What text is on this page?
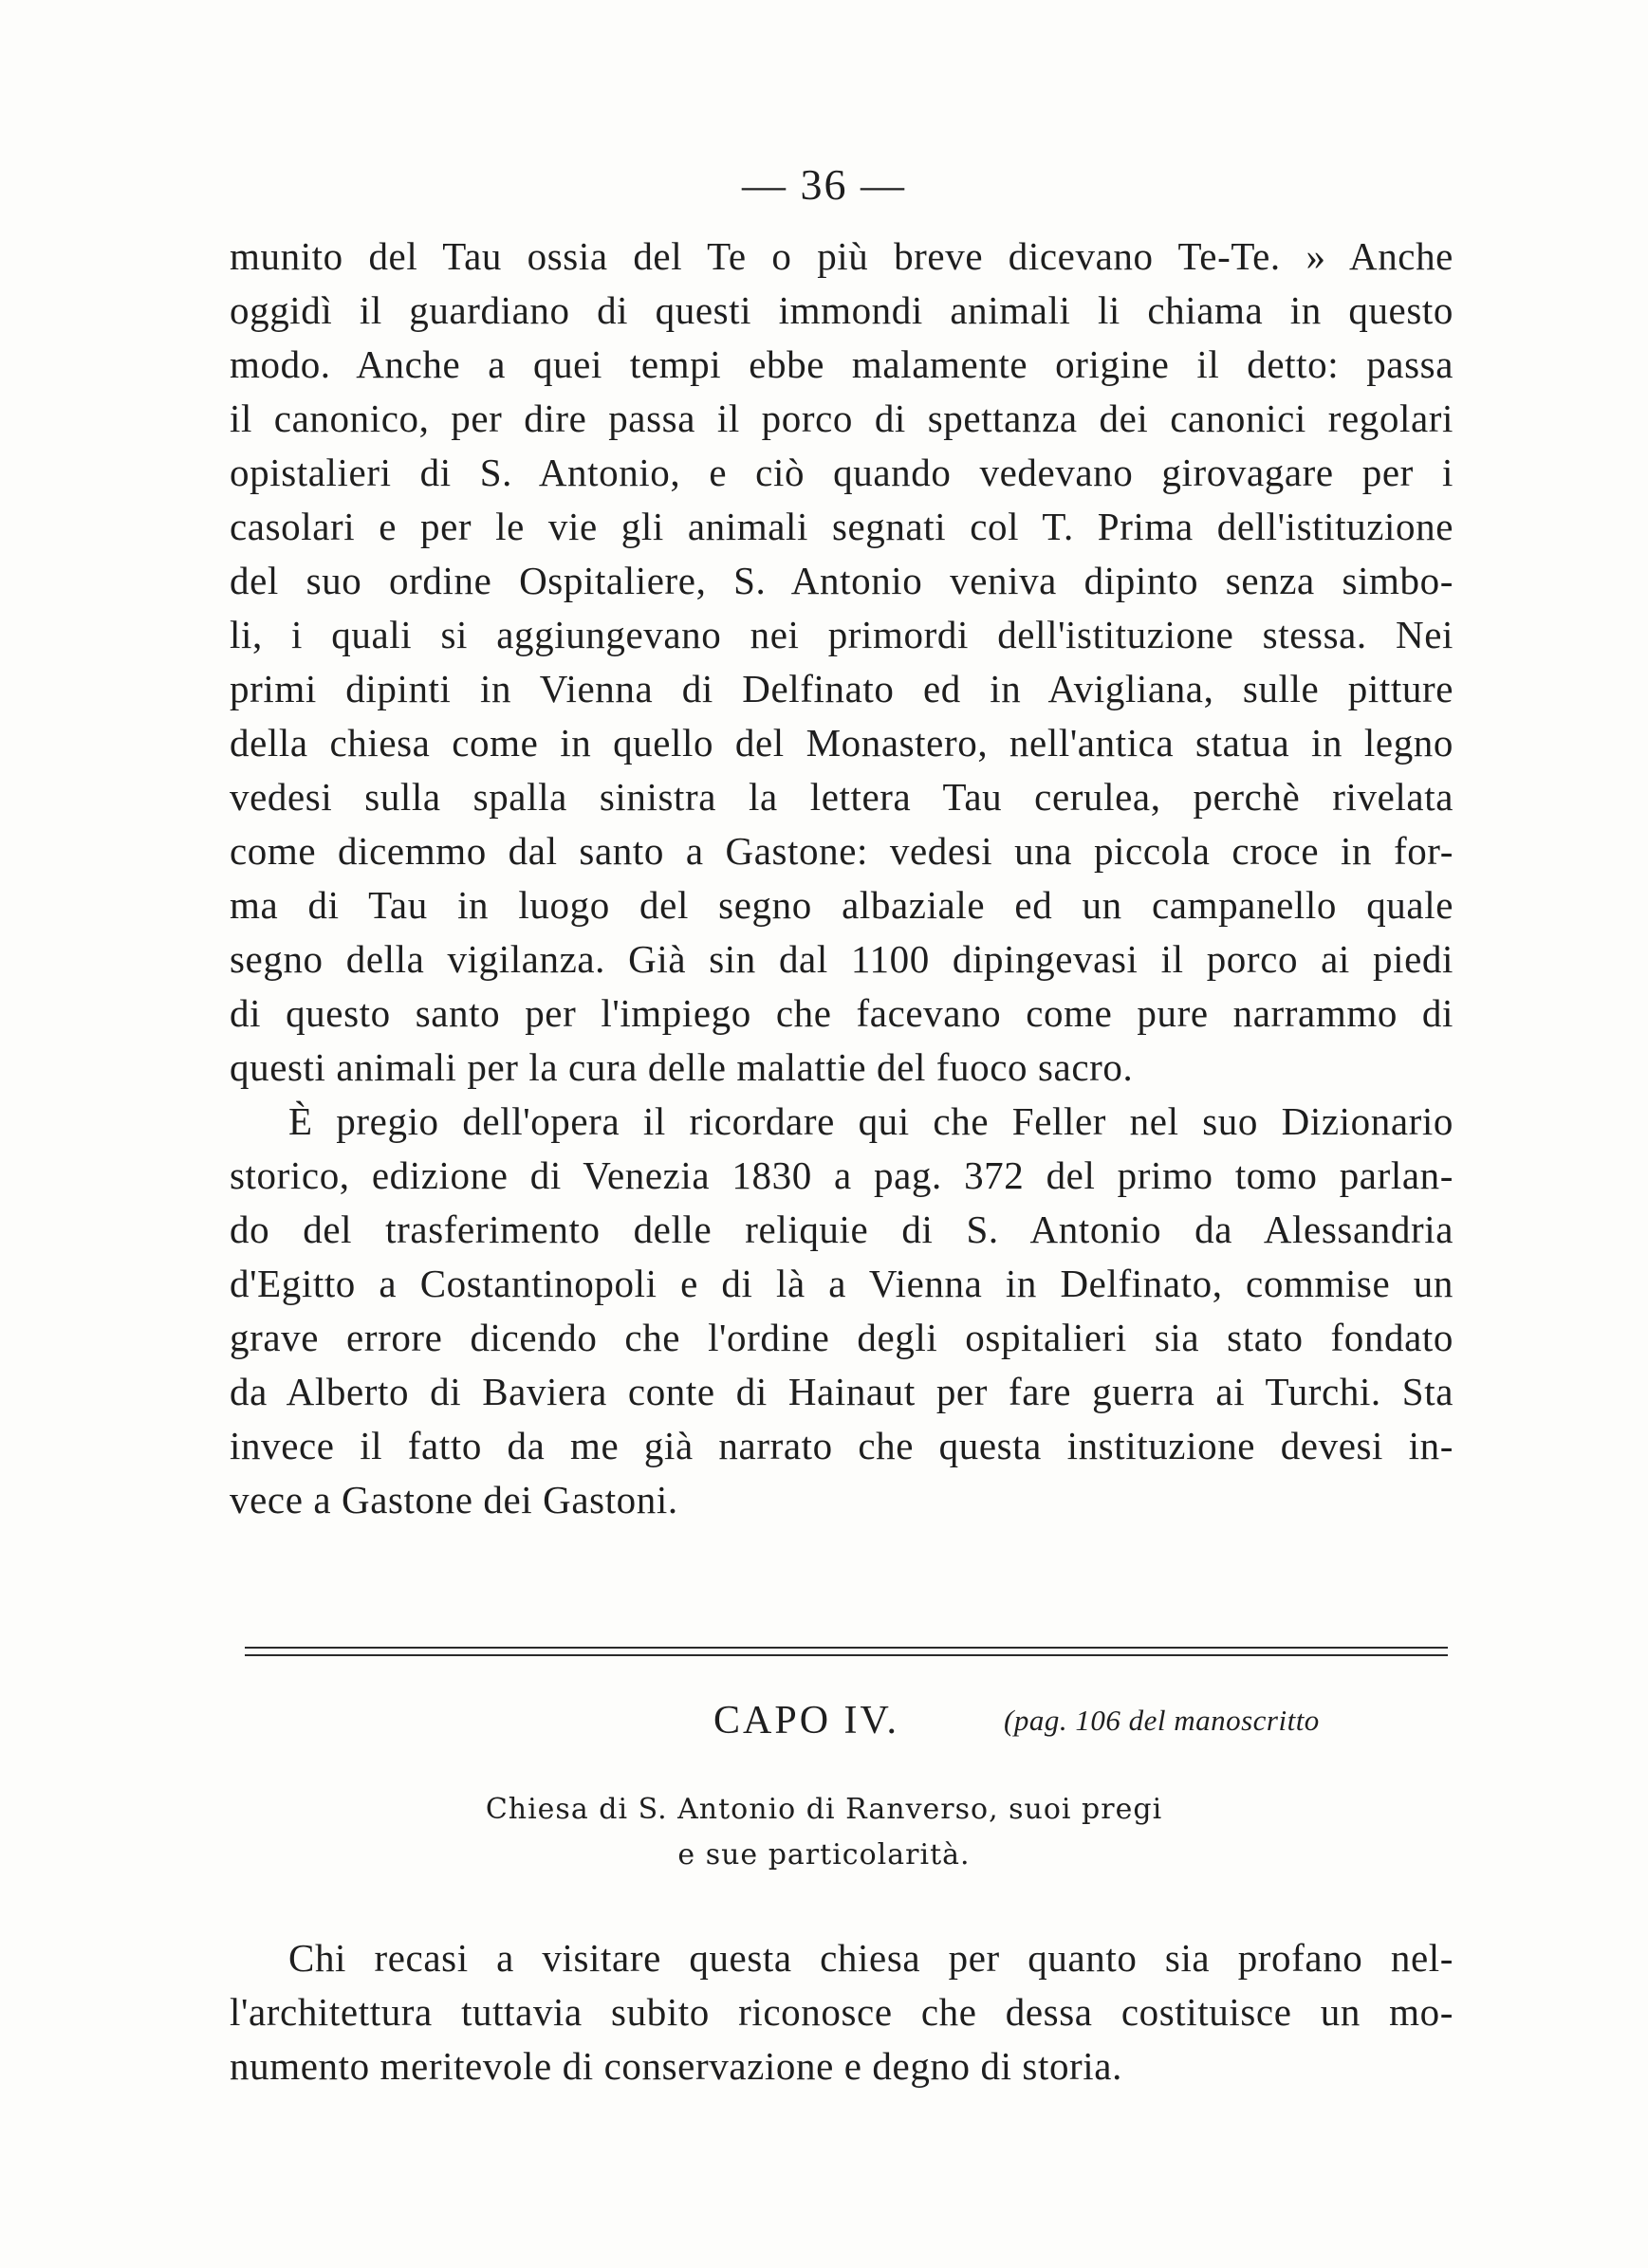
— 36 —
munito del Tau ossia del Te o più breve dicevano Te-Te. » Anche
oggidì il guardiano di questi immondi animali li chiama in questo
modo. Anche a quei tempi ebbe malamente origine il detto: passa
il canonico, per dire passa il porco di spettanza dei canonici regolari
opistalieri di S. Antonio, e ciò quando vedevano girovagare per i
casolari e per le vie gli animali segnati col T. Prima dell'istituzione
del suo ordine Ospitaliere, S. Antonio veniva dipinto senza simbo-
li, i quali si aggiungevano nei primordi dell'istituzione stessa. Nei
primi dipinti in Vienna di Delfinato ed in Avigliana, sulle pitture
della chiesa come in quello del Monastero, nell'antica statua in legno
vedesi sulla spalla sinistra la lettera Tau cerulea, perchè rivelata
come dicemmo dal santo a Gastone: vedesi una piccola croce in for-
ma di Tau in luogo del segno albaziale ed un campanello quale
segno della vigilanza. Già sin dal 1100 dipingevasi il porco ai piedi
di questo santo per l'impiego che facevano come pure narrammo di
questi animali per la cura delle malattie del fuoco sacro.
È pregio dell'opera il ricordare qui che Feller nel suo Dizionario
storico, edizione di Venezia 1830 a pag. 372 del primo tomo parlan-
do del trasferimento delle reliquie di S. Antonio da Alessandria
d'Egitto a Costantinopoli e di là a Vienna in Delfinato, commise un
grave errore dicendo che l'ordine degli ospitalieri sia stato fondato
da Alberto di Baviera conte di Hainaut per fare guerra ai Turchi. Sta
invece il fatto da me già narrato che questa instituzione devesi in-
vece a Gastone dei Gastoni.
CAPO IV.	(pag. 106 del manoscritto
Chiesa di S. Antonio di Ranverso, suoi pregi
e sue particolarità.
Chi recasi a visitare questa chiesa per quanto sia profano nel-
l'architettura tuttavia subito riconosce che dessa costituisce un mo-
numento meritevole di conservazione e degno di storia.
